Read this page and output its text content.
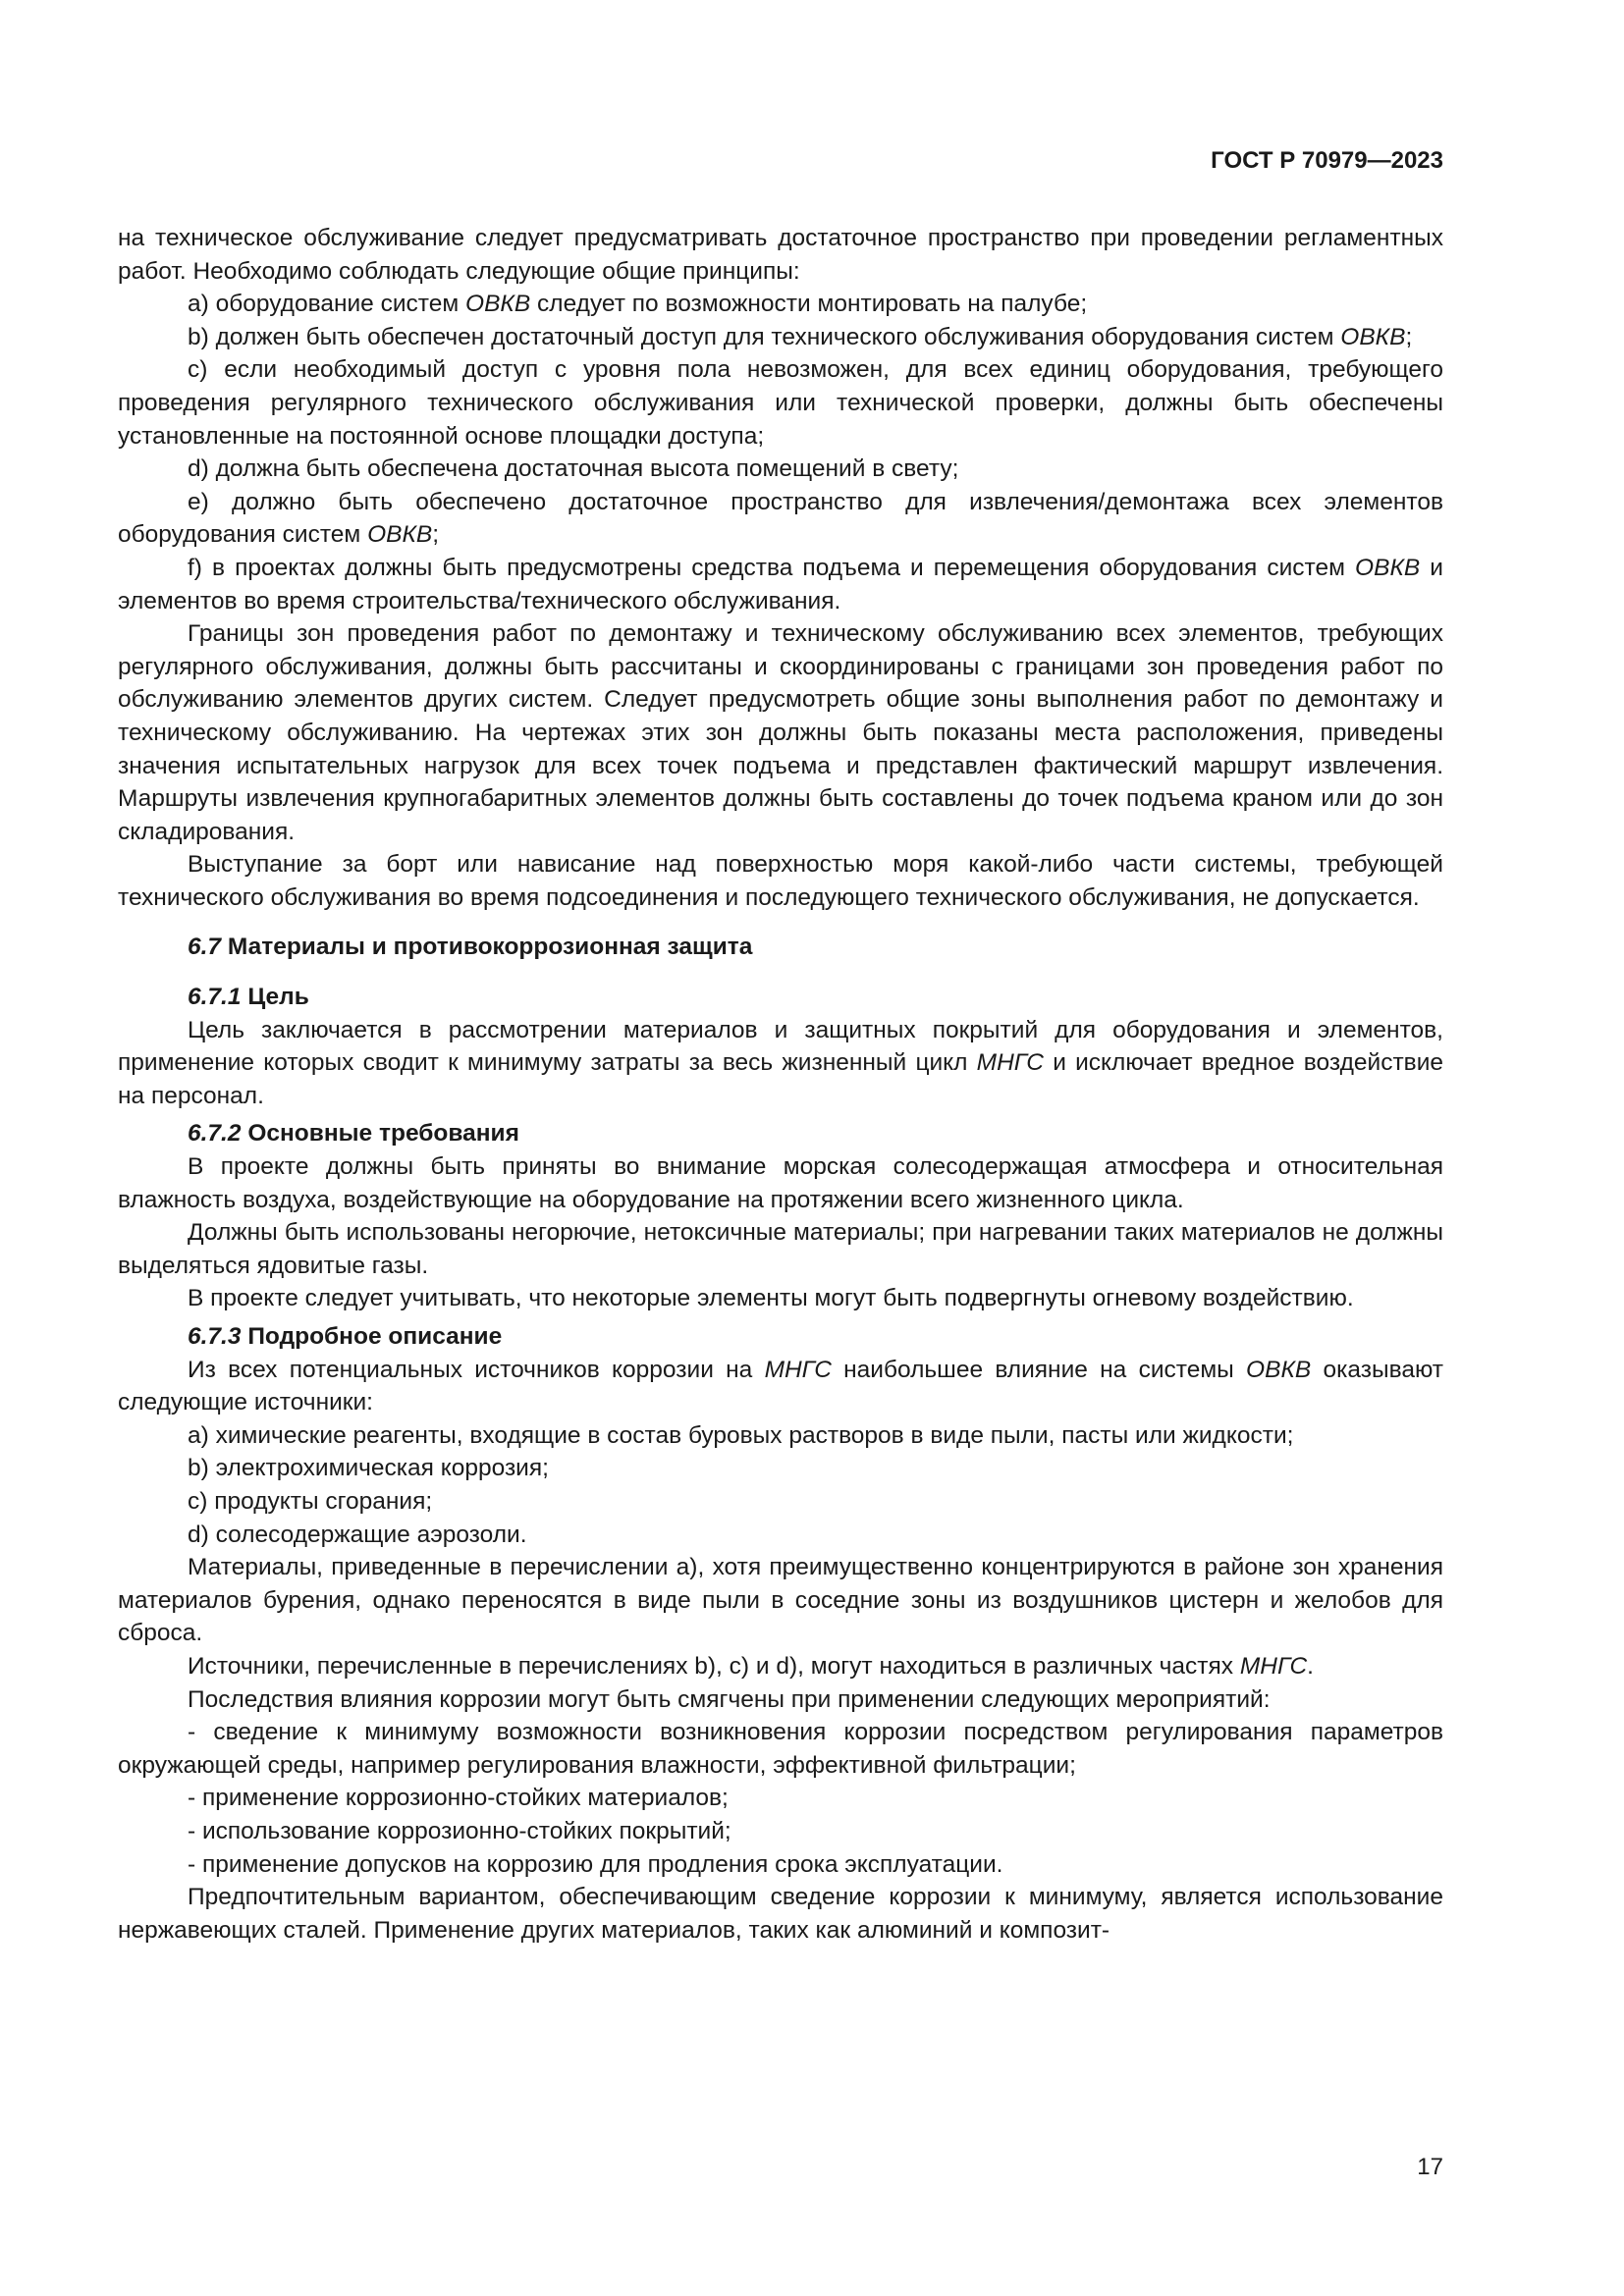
ГОСТ Р 70979—2023

на техническое обслуживание следует предусматривать достаточное пространство при проведении регламентных работ. Необходимо соблюдать следующие общие принципы:

a) оборудование систем ОВКВ следует по возможности монтировать на палубе;

b) должен быть обеспечен достаточный доступ для технического обслуживания оборудования систем ОВКВ;

c) если необходимый доступ с уровня пола невозможен, для всех единиц оборудования, требующего проведения регулярного технического обслуживания или технической проверки, должны быть обеспечены установленные на постоянной основе площадки доступа;

d) должна быть обеспечена достаточная высота помещений в свету;

e) должно быть обеспечено достаточное пространство для извлечения/демонтажа всех элементов оборудования систем ОВКВ;

f) в проектах должны быть предусмотрены средства подъема и перемещения оборудования систем ОВКВ и элементов во время строительства/технического обслуживания.

Границы зон проведения работ по демонтажу и техническому обслуживанию всех элементов, требующих регулярного обслуживания, должны быть рассчитаны и скоординированы с границами зон проведения работ по обслуживанию элементов других систем. Следует предусмотреть общие зоны выполнения работ по демонтажу и техническому обслуживанию. На чертежах этих зон должны быть показаны места расположения, приведены значения испытательных нагрузок для всех точек подъема и представлен фактический маршрут извлечения. Маршруты извлечения крупногабаритных элементов должны быть составлены до точек подъема краном или до зон складирования.

Выступание за борт или нависание над поверхностью моря какой-либо части системы, требующей технического обслуживания во время подсоединения и последующего технического обслуживания, не допускается.

6.7 Материалы и противокоррозионная защита
6.7.1 Цель

Цель заключается в рассмотрении материалов и защитных покрытий для оборудования и элементов, применение которых сводит к минимуму затраты за весь жизненный цикл МНГС и исключает вредное воздействие на персонал.

6.7.2 Основные требования

В проекте должны быть приняты во внимание морская солесодержащая атмосфера и относительная влажность воздуха, воздействующие на оборудование на протяжении всего жизненного цикла.

Должны быть использованы негорючие, нетоксичные материалы; при нагревании таких материалов не должны выделяться ядовитые газы.

В проекте следует учитывать, что некоторые элементы могут быть подвергнуты огневому воздействию.

6.7.3 Подробное описание

Из всех потенциальных источников коррозии на МНГС наибольшее влияние на системы ОВКВ оказывают следующие источники:

a) химические реагенты, входящие в состав буровых растворов в виде пыли, пасты или жидкости;

b) электрохимическая коррозия;

c) продукты сгорания;

d) солесодержащие аэрозоли.

Материалы, приведенные в перечислении a), хотя преимущественно концентрируются в районе зон хранения материалов бурения, однако переносятся в виде пыли в соседние зоны из воздушников цистерн и желобов для сброса.

Источники, перечисленные в перечислениях b), c) и d), могут находиться в различных частях МНГС.

Последствия влияния коррозии могут быть смягчены при применении следующих мероприятий:

- сведение к минимуму возможности возникновения коррозии посредством регулирования параметров окружающей среды, например регулирования влажности, эффективной фильтрации;

- применение коррозионно-стойких материалов;

- использование коррозионно-стойких покрытий;

- применение допусков на коррозию для продления срока эксплуатации.

Предпочтительным вариантом, обеспечивающим сведение коррозии к минимуму, является использование нержавеющих сталей. Применение других материалов, таких как алюминий и композит-

17
